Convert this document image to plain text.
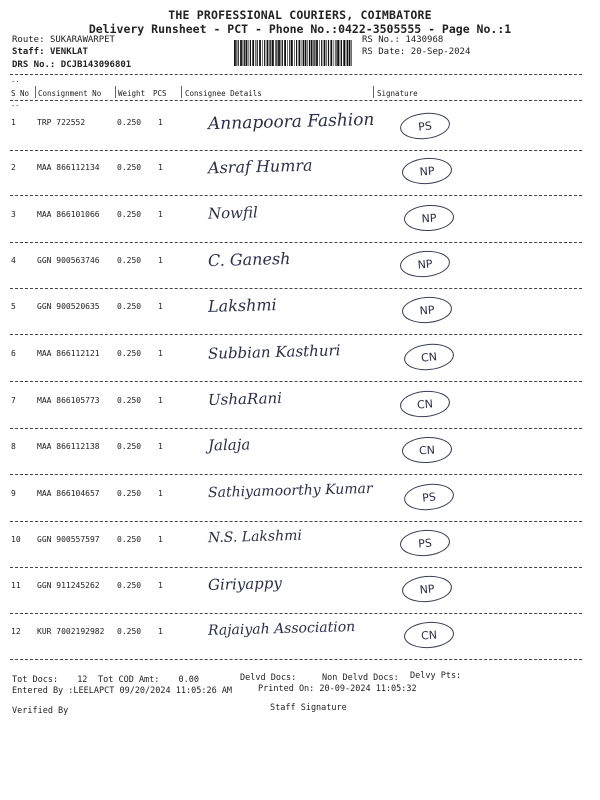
THE PROFESSIONAL COURIERS, COIMBATORE
Delivery Runsheet - PCT - Phone No.:0422-3505555 - Page No.:1
Route: SUKARAWARPET
Staff: VENKLAT
DRS No.: DCJB143096801
RS No.: 1430968
RS Date: 20-Sep-2024
..
S No Consignment No Weight PCS Consignee Details	Signature
--
1	TRP 722552	0.250 1	Annapoora Fashion	PS
2	MAA 866112134 0.250 1	Asraf Humra	NP
3	MAA 866101066 0.250 1	Nowfil	NP
4	GGN 900563746 0.250 1	C. Ganesh	NP
5	GGN 900520635 0.250 1	Lakshmi	NP
6	MAA 866112121 0.250 1	Subbian Kasthuri	CN
7	MAA 866105773 0.250 1	UshaRani	CN
8	MAA 866112138 0.250 1	Jalaja	CN
9	MAA 866104657 0.250 1	Sathiyamoorthy Kumar	PS
10 GGN 900557597 0.250 1	N.S. Lakshmi	PS
11 GGN 911245262 0.250 1	Giriyappy	NP
12 KUR 7002192982 0.250 1	Rajaiyah Association	CN
Tot Docs: 12 Tot COD Amt: 0.00	Delvd Docs:	Non Delvd Docs: Delvy Pts:
Entered By :LEELAPCT 09/20/2024 11:05:26 AM	Printed On: 20-09-2024 11:05:32
Verified By	Staff Signature
